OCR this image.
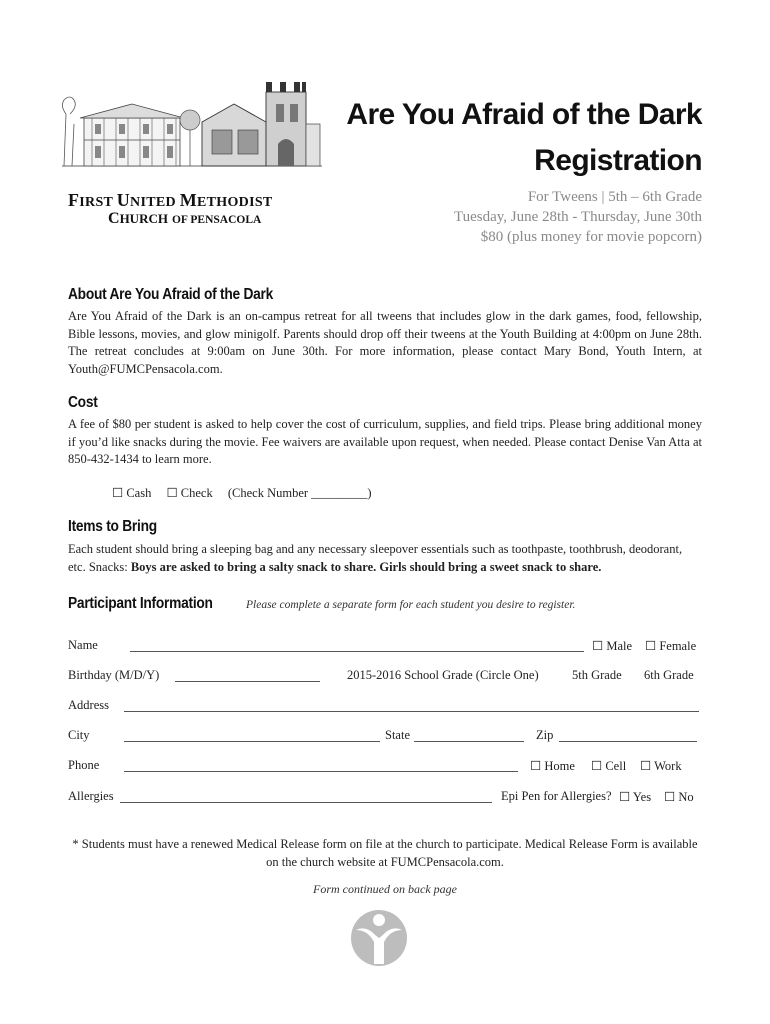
FIRST UNITED METHODIST
CHURCH OF PENSACOLA
Are You Afraid of the Dark
Registration
For Tweens | 5th – 6th Grade
Tuesday, June 28th - Thursday, June 30th
$80 (plus money for movie popcorn)
About Are You Afraid of the Dark
Are You Afraid of the Dark is an on-campus retreat for all tweens that includes glow in the dark games, food, fellowship, Bible lessons, movies, and glow minigolf. Parents should drop off their tweens at the Youth Building at 4:00pm on June 28th. The retreat concludes at 9:00am on June 30th. For more information, please contact Mary Bond, Youth Intern, at Youth@FUMCPensacola.com.
Cost
A fee of $80 per student is asked to help cover the cost of curriculum, supplies, and field trips. Please bring additional money if you’d like snacks during the movie. Fee waivers are available upon request, when needed. Please contact Denise Van Atta at 850-432-1434 to learn more.
☐ Cash ☐ Check (Check Number _________)
Items to Bring
Each student should bring a sleeping bag and any necessary sleepover essentials such as toothpaste, toothbrush, deodorant, etc. Snacks: Boys are asked to bring a salty snack to share. Girls should bring a sweet snack to share.
Participant Information	Please complete a separate form for each student you desire to register.
Name	☐ Male ☐ Female
Birthday (M/D/Y)	2015-2016 School Grade (Circle One)	5th Grade 6th Grade
Address
City	State	Zip
Phone	☐ Home ☐ Cell ☐ Work
Allergies	Epi Pen for Allergies? ☐ Yes ☐ No
* Students must have a renewed Medical Release form on file at the church to participate. Medical Release Form is available on the church website at FUMCPensacola.com.
Form continued on back page
